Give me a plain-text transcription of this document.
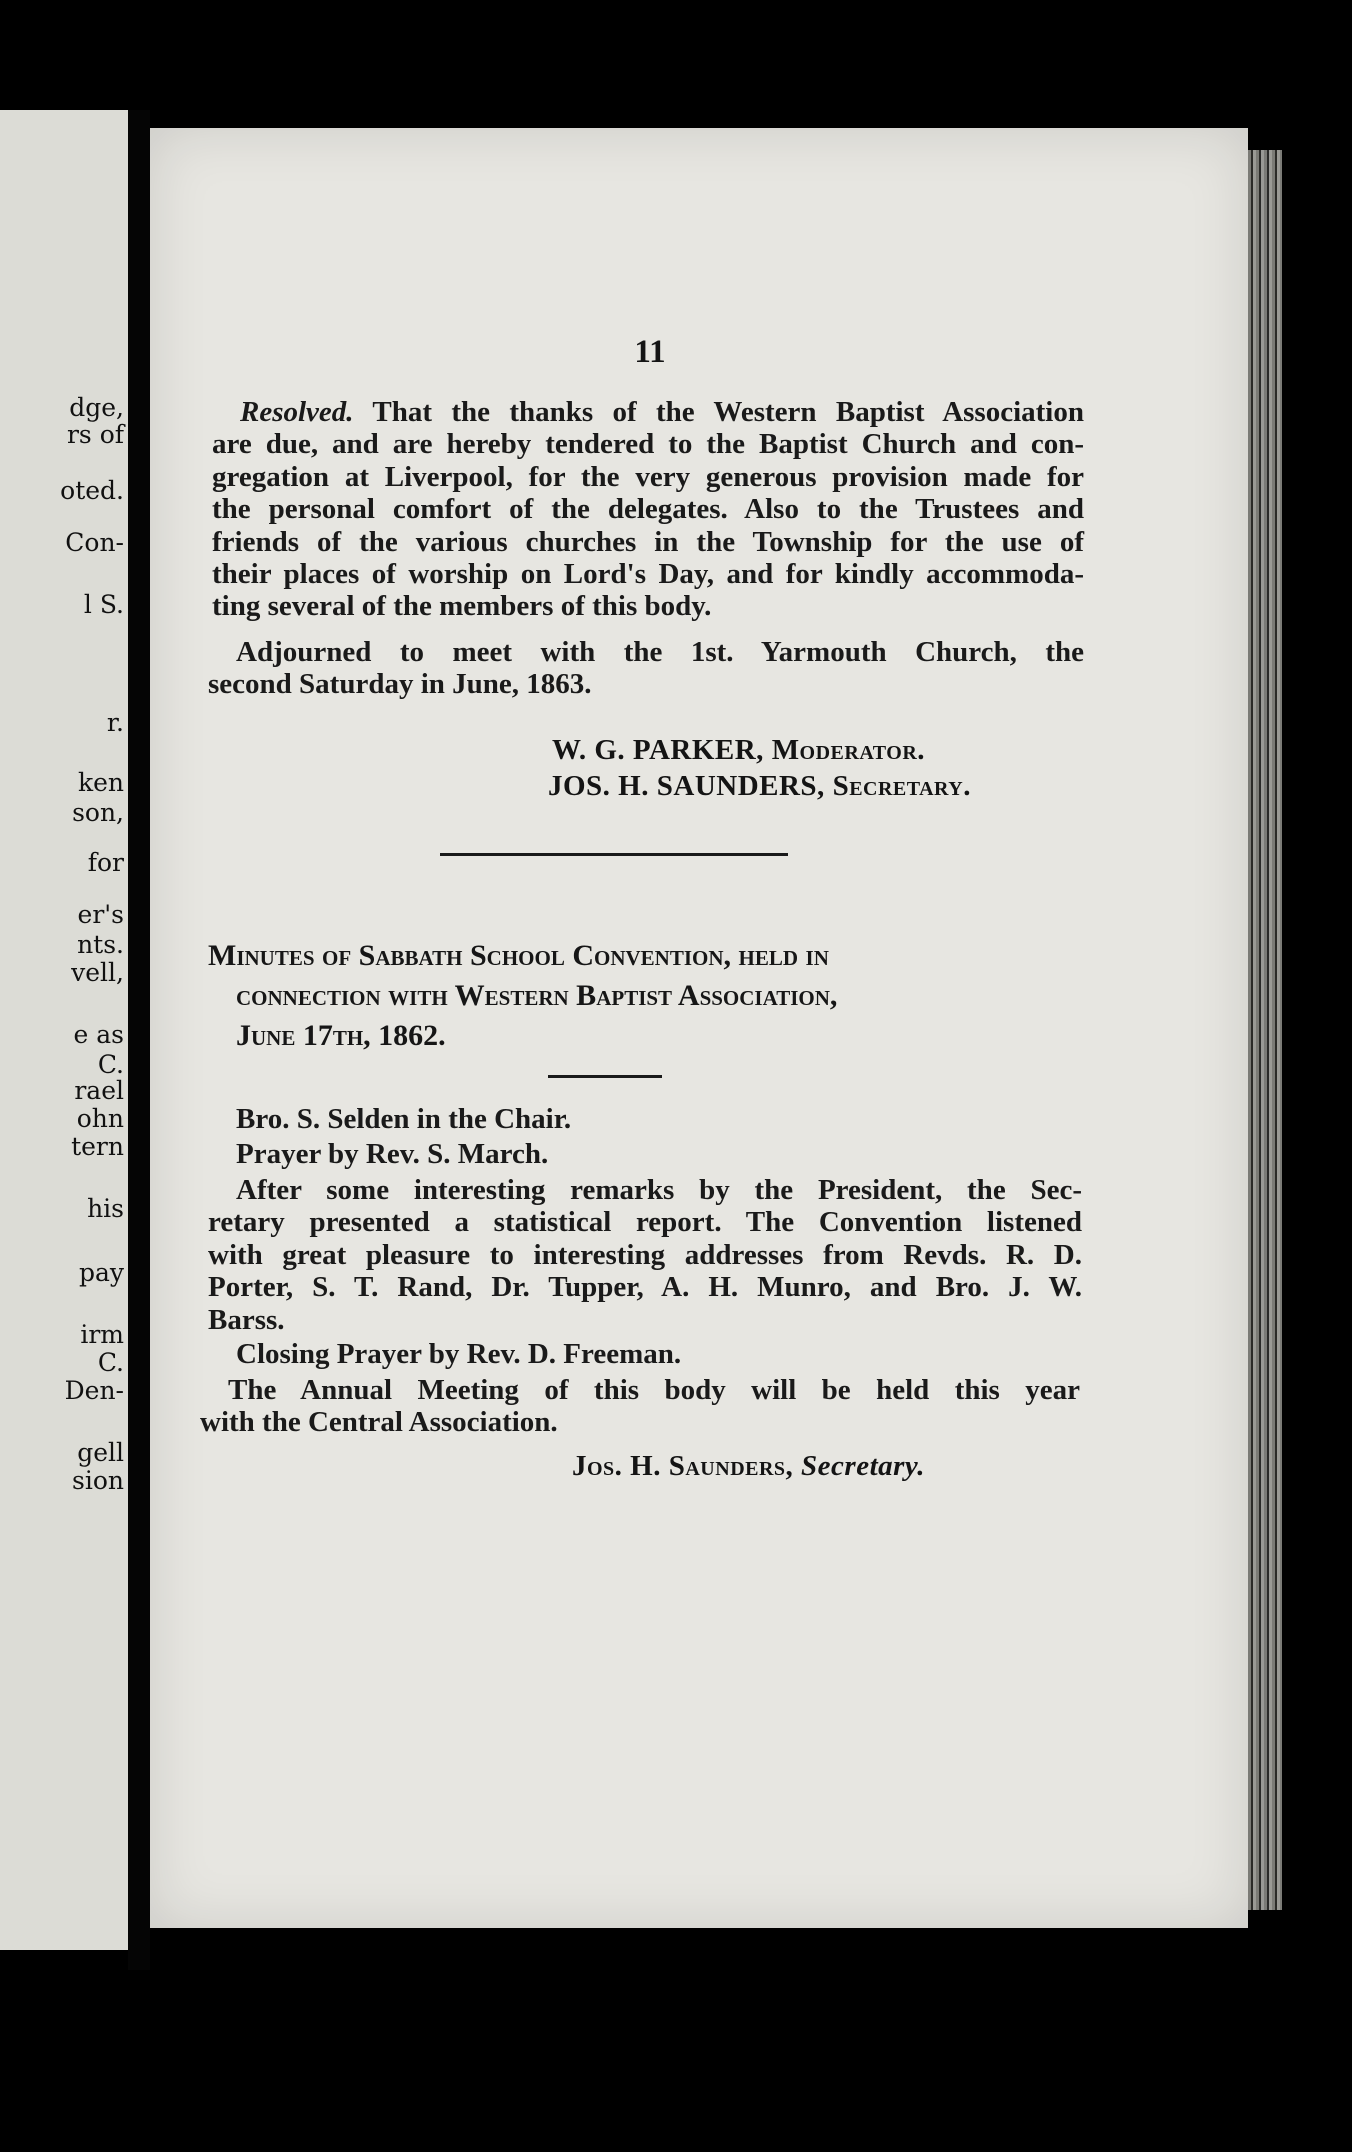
dge,
rs of
oted.
Con-
l S.
r.
ken
son,
for
er's
nts.
vell,
e as
C.
rael
ohn
tern
his
pay
irm
C.
Den-
gell
sion
11
Resolved. That the thanks of the Western Baptist Association
are due, and are hereby tendered to the Baptist Church and con-
gregation at Liverpool, for the very generous provision made for
the personal comfort of the delegates. Also to the Trustees and
friends of the various churches in the Township for the use of
their places of worship on Lord's Day, and for kindly accommoda-
ting several of the members of this body.
Adjourned to meet with the 1st. Yarmouth Church, the
second Saturday in June, 1863.
W. G. PARKER, Moderator.
JOS. H. SAUNDERS, Secretary.
Minutes of Sabbath School Convention, held in
connection with Western Baptist Association,
June 17th, 1862.
Bro. S. Selden in the Chair.
Prayer by Rev. S. March.
After some interesting remarks by the President, the Sec-
retary presented a statistical report. The Convention listened
with great pleasure to interesting addresses from Revds. R. D.
Porter, S. T. Rand, Dr. Tupper, A. H. Munro, and Bro. J. W.
Barss.
Closing Prayer by Rev. D. Freeman.
The Annual Meeting of this body will be held this year
with the Central Association.
Jos. H. Saunders, Secretary.
